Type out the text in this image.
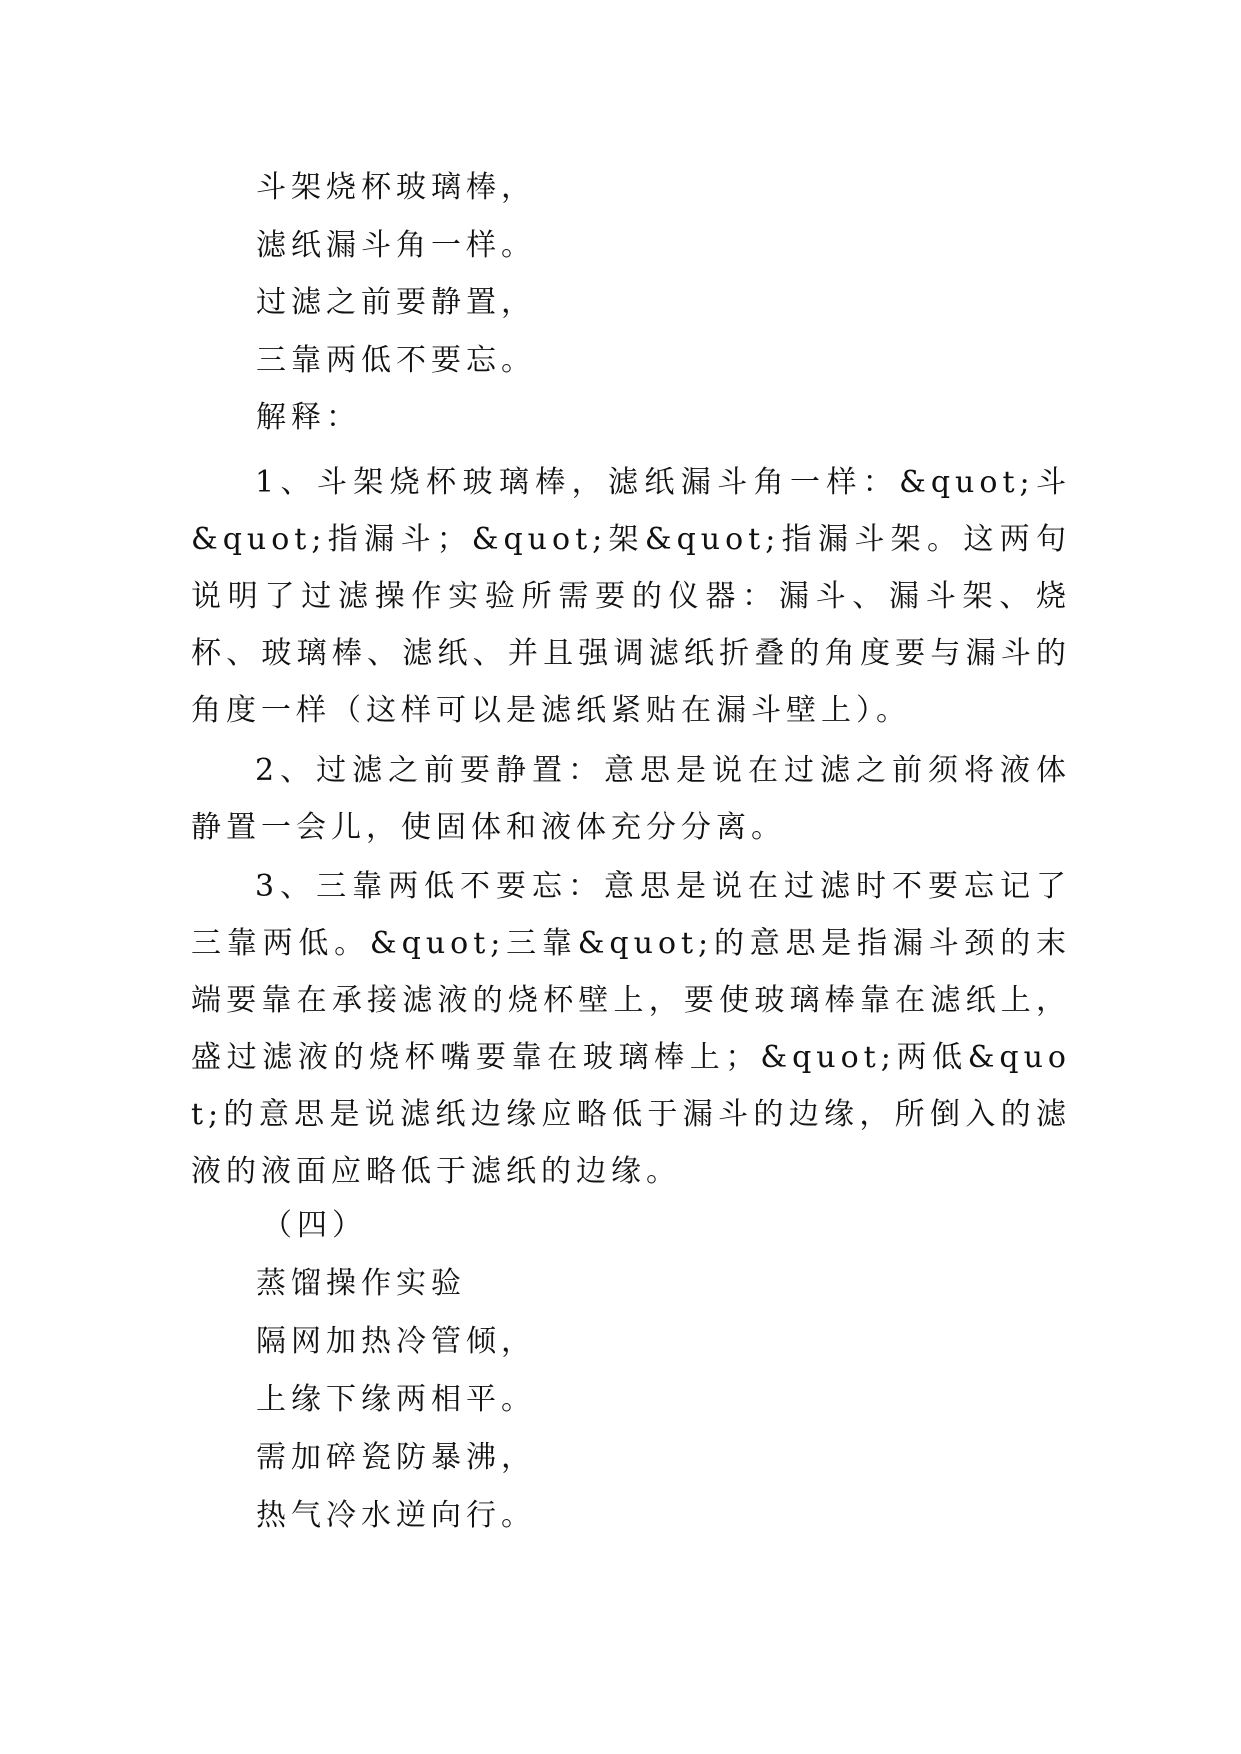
斗架烧杯玻璃棒，
滤纸漏斗角一样。
过滤之前要静置，
三靠两低不要忘。
解释：
1、斗架烧杯玻璃棒，滤纸漏斗角一样：&quot;斗&quot;指漏斗；&quot;架&quot;指漏斗架。这两句说明了过滤操作实验所需要的仪器：漏斗、漏斗架、烧杯、玻璃棒、滤纸、并且强调滤纸折叠的角度要与漏斗的角度一样（这样可以是滤纸紧贴在漏斗壁上）。
2、过滤之前要静置：意思是说在过滤之前须将液体静置一会儿，使固体和液体充分分离。
3、三靠两低不要忘：意思是说在过滤时不要忘记了三靠两低。&quot;三靠&quot;的意思是指漏斗颈的末端要靠在承接滤液的烧杯壁上，要使玻璃棒靠在滤纸上，盛过滤液的烧杯嘴要靠在玻璃棒上；&quot;两低&quot;的意思是说滤纸边缘应略低于漏斗的边缘，所倒入的滤液的液面应略低于滤纸的边缘。
（四）
蒸馏操作实验
隔网加热冷管倾，
上缘下缘两相平。
需加碎瓷防暴沸，
热气冷水逆向行。
